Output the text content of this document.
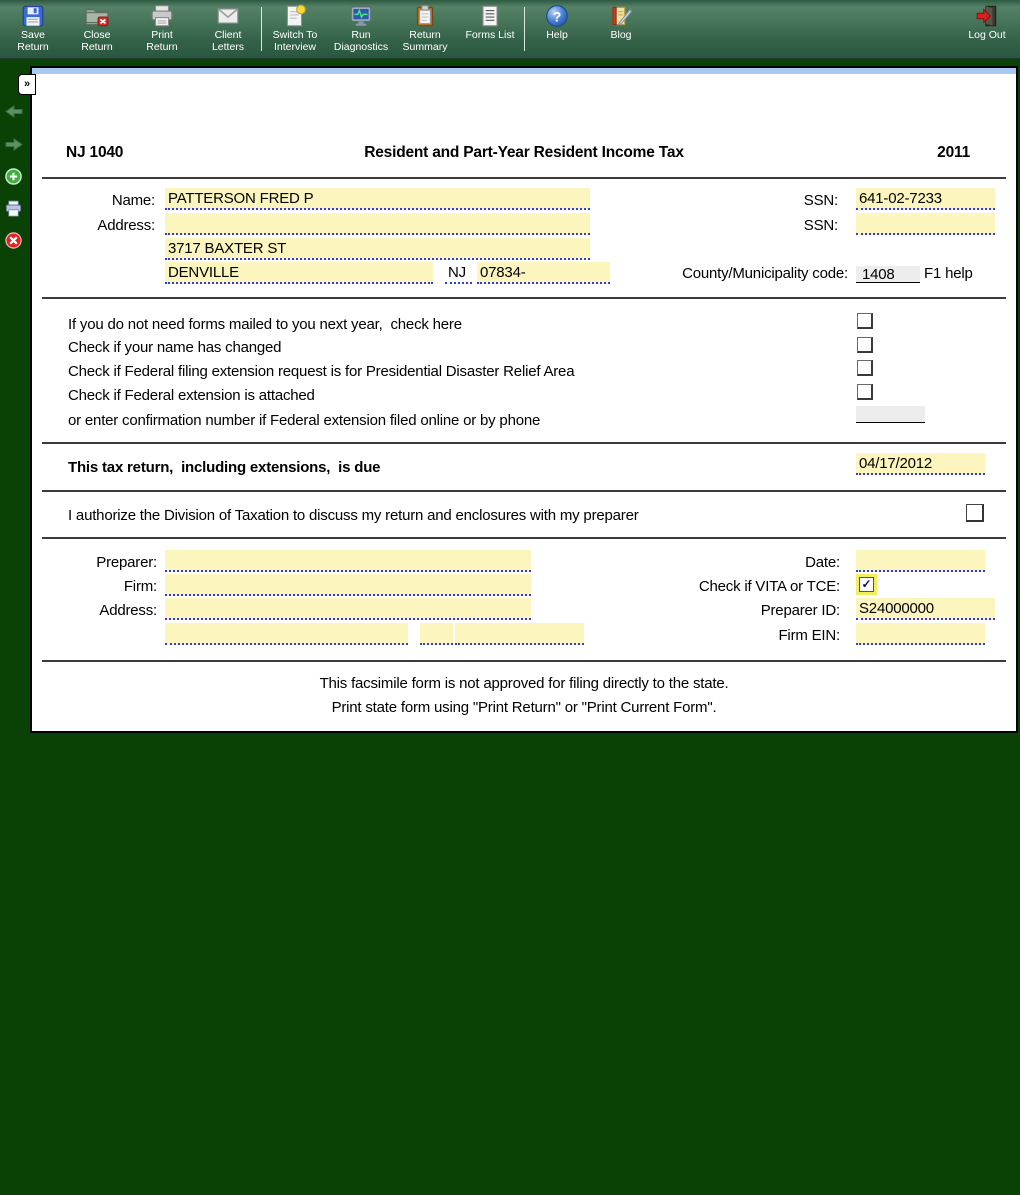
Save
Return
Close
Return
Print
Return
Client
Letters
Switch To
Interview
Run
Diagnostics
Return
Summary
Forms List
?
Help	Blog	Log Out
»
NJ 1040	Resident and Part-Year Resident Income Tax	2011
Name: PATTERSON FRED P	SSN: 641-02-7233
Address:	SSN:
3717 BAXTER ST
DENVILLE	NJ 07834-	County/Municipality code: 1408	F1 help
If you do not need forms mailed to you next year,  check here
Check if your name has changed
Check if Federal filing extension request is for Presidential Disaster Relief Area
Check if Federal extension is attached
or enter confirmation number if Federal extension filed online or by phone
This tax return,  including extensions,  is due	04/17/2012
I authorize the Division of Taxation to discuss my return and enclosures with my preparer
Preparer:	Date:
Firm:	Check if VITA or TCE: ✓
Address:	Preparer ID: S24000000
Firm EIN:
This facsimile form is not approved for filing directly to the state.
Print state form using "Print Return" or "Print Current Form".
